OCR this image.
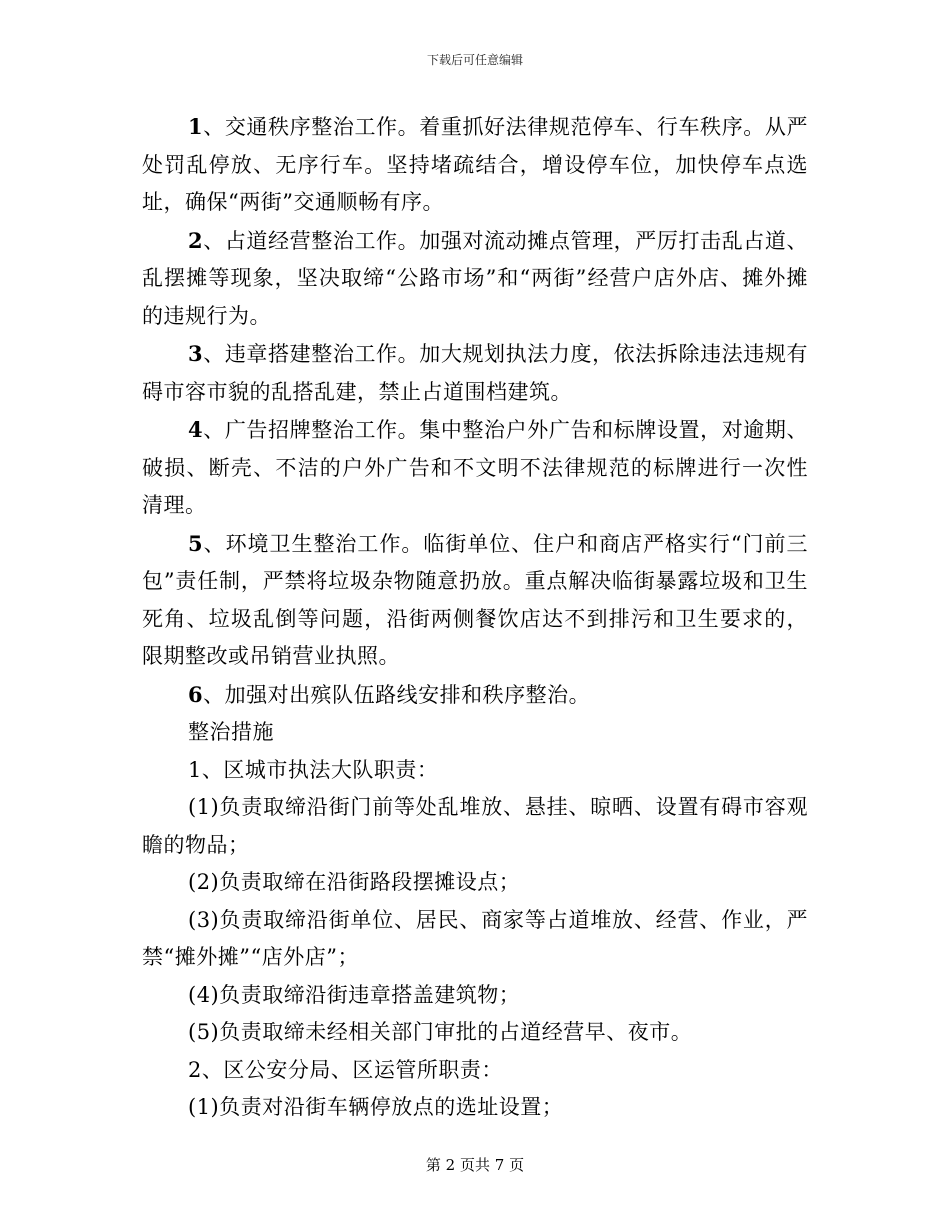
下载后可任意编辑

1、交通秩序整治工作。着重抓好法律规范停车、行车秩序。从严处罚乱停放、无序行车。坚持堵疏结合，增设停车位，加快停车点选址，确保“两街”交通顺畅有序。

2、占道经营整治工作。加强对流动摊点管理，严厉打击乱占道、乱摆摊等现象，坚决取缔“公路市场”和“两街”经营户店外店、摊外摊的违规行为。

3、违章搭建整治工作。加大规划执法力度，依法拆除违法违规有碍市容市貌的乱搭乱建，禁止占道围档建筑。

4、广告招牌整治工作。集中整治户外广告和标牌设置，对逾期、破损、断壳、不洁的户外广告和不文明不法律规范的标牌进行一次性清理。

5、环境卫生整治工作。临街单位、住户和商店严格实行“门前三包”责任制，严禁将垃圾杂物随意扔放。重点解决临街暴露垃圾和卫生死角、垃圾乱倒等问题，沿街两侧餐饮店达不到排污和卫生要求的，限期整改或吊销营业执照。

6、加强对出殡队伍路线安排和秩序整治。

整治措施

1、区城市执法大队职责：

(1)负责取缔沿街门前等处乱堆放、悬挂、晾晒、设置有碍市容观瞻的物品；

(2)负责取缔在沿街路段摆摊设点；

(3)负责取缔沿街单位、居民、商家等占道堆放、经营、作业，严禁“摊外摊”“店外店”；

(4)负责取缔沿街违章搭盖建筑物；

(5)负责取缔未经相关部门审批的占道经营早、夜市。

2、区公安分局、区运管所职责：

(1)负责对沿街车辆停放点的选址设置；

第 2 页共 7 页
